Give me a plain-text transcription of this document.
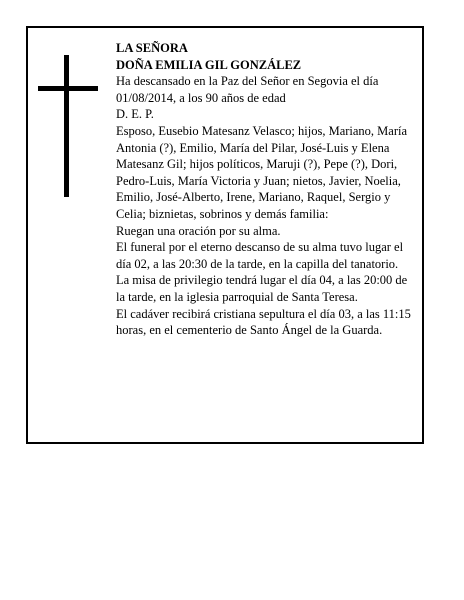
LA SEÑORA

DOÑA EMILIA GIL GONZÁLEZ

Ha descansado en la Paz del Señor en Segovia el día 01/08/2014, a los 90 años de edad

D. E. P.

Esposo, Eusebio Matesanz Velasco; hijos, Mariano, María Antonia (?), Emilio, María del Pilar, José-Luis y Elena Matesanz Gil; hijos políticos, Maruji (?), Pepe (?), Dori, Pedro-Luis, María Victoria y Juan; nietos, Javier, Noelia, Emilio, José-Alberto, Irene, Mariano, Raquel, Sergio y Celia; biznietas, sobrinos y demás familia:

Ruegan una oración por su alma.

El funeral por el eterno descanso de su alma tuvo lugar el día 02, a las 20:30 de la tarde, en la capilla del tanatorio.

La misa de privilegio tendrá lugar el día 04, a las 20:00 de la tarde, en la iglesia parroquial de Santa Teresa.

El cadáver recibirá cristiana sepultura el día 03, a las 11:15 horas, en el cementerio de Santo Ángel de la Guarda.
